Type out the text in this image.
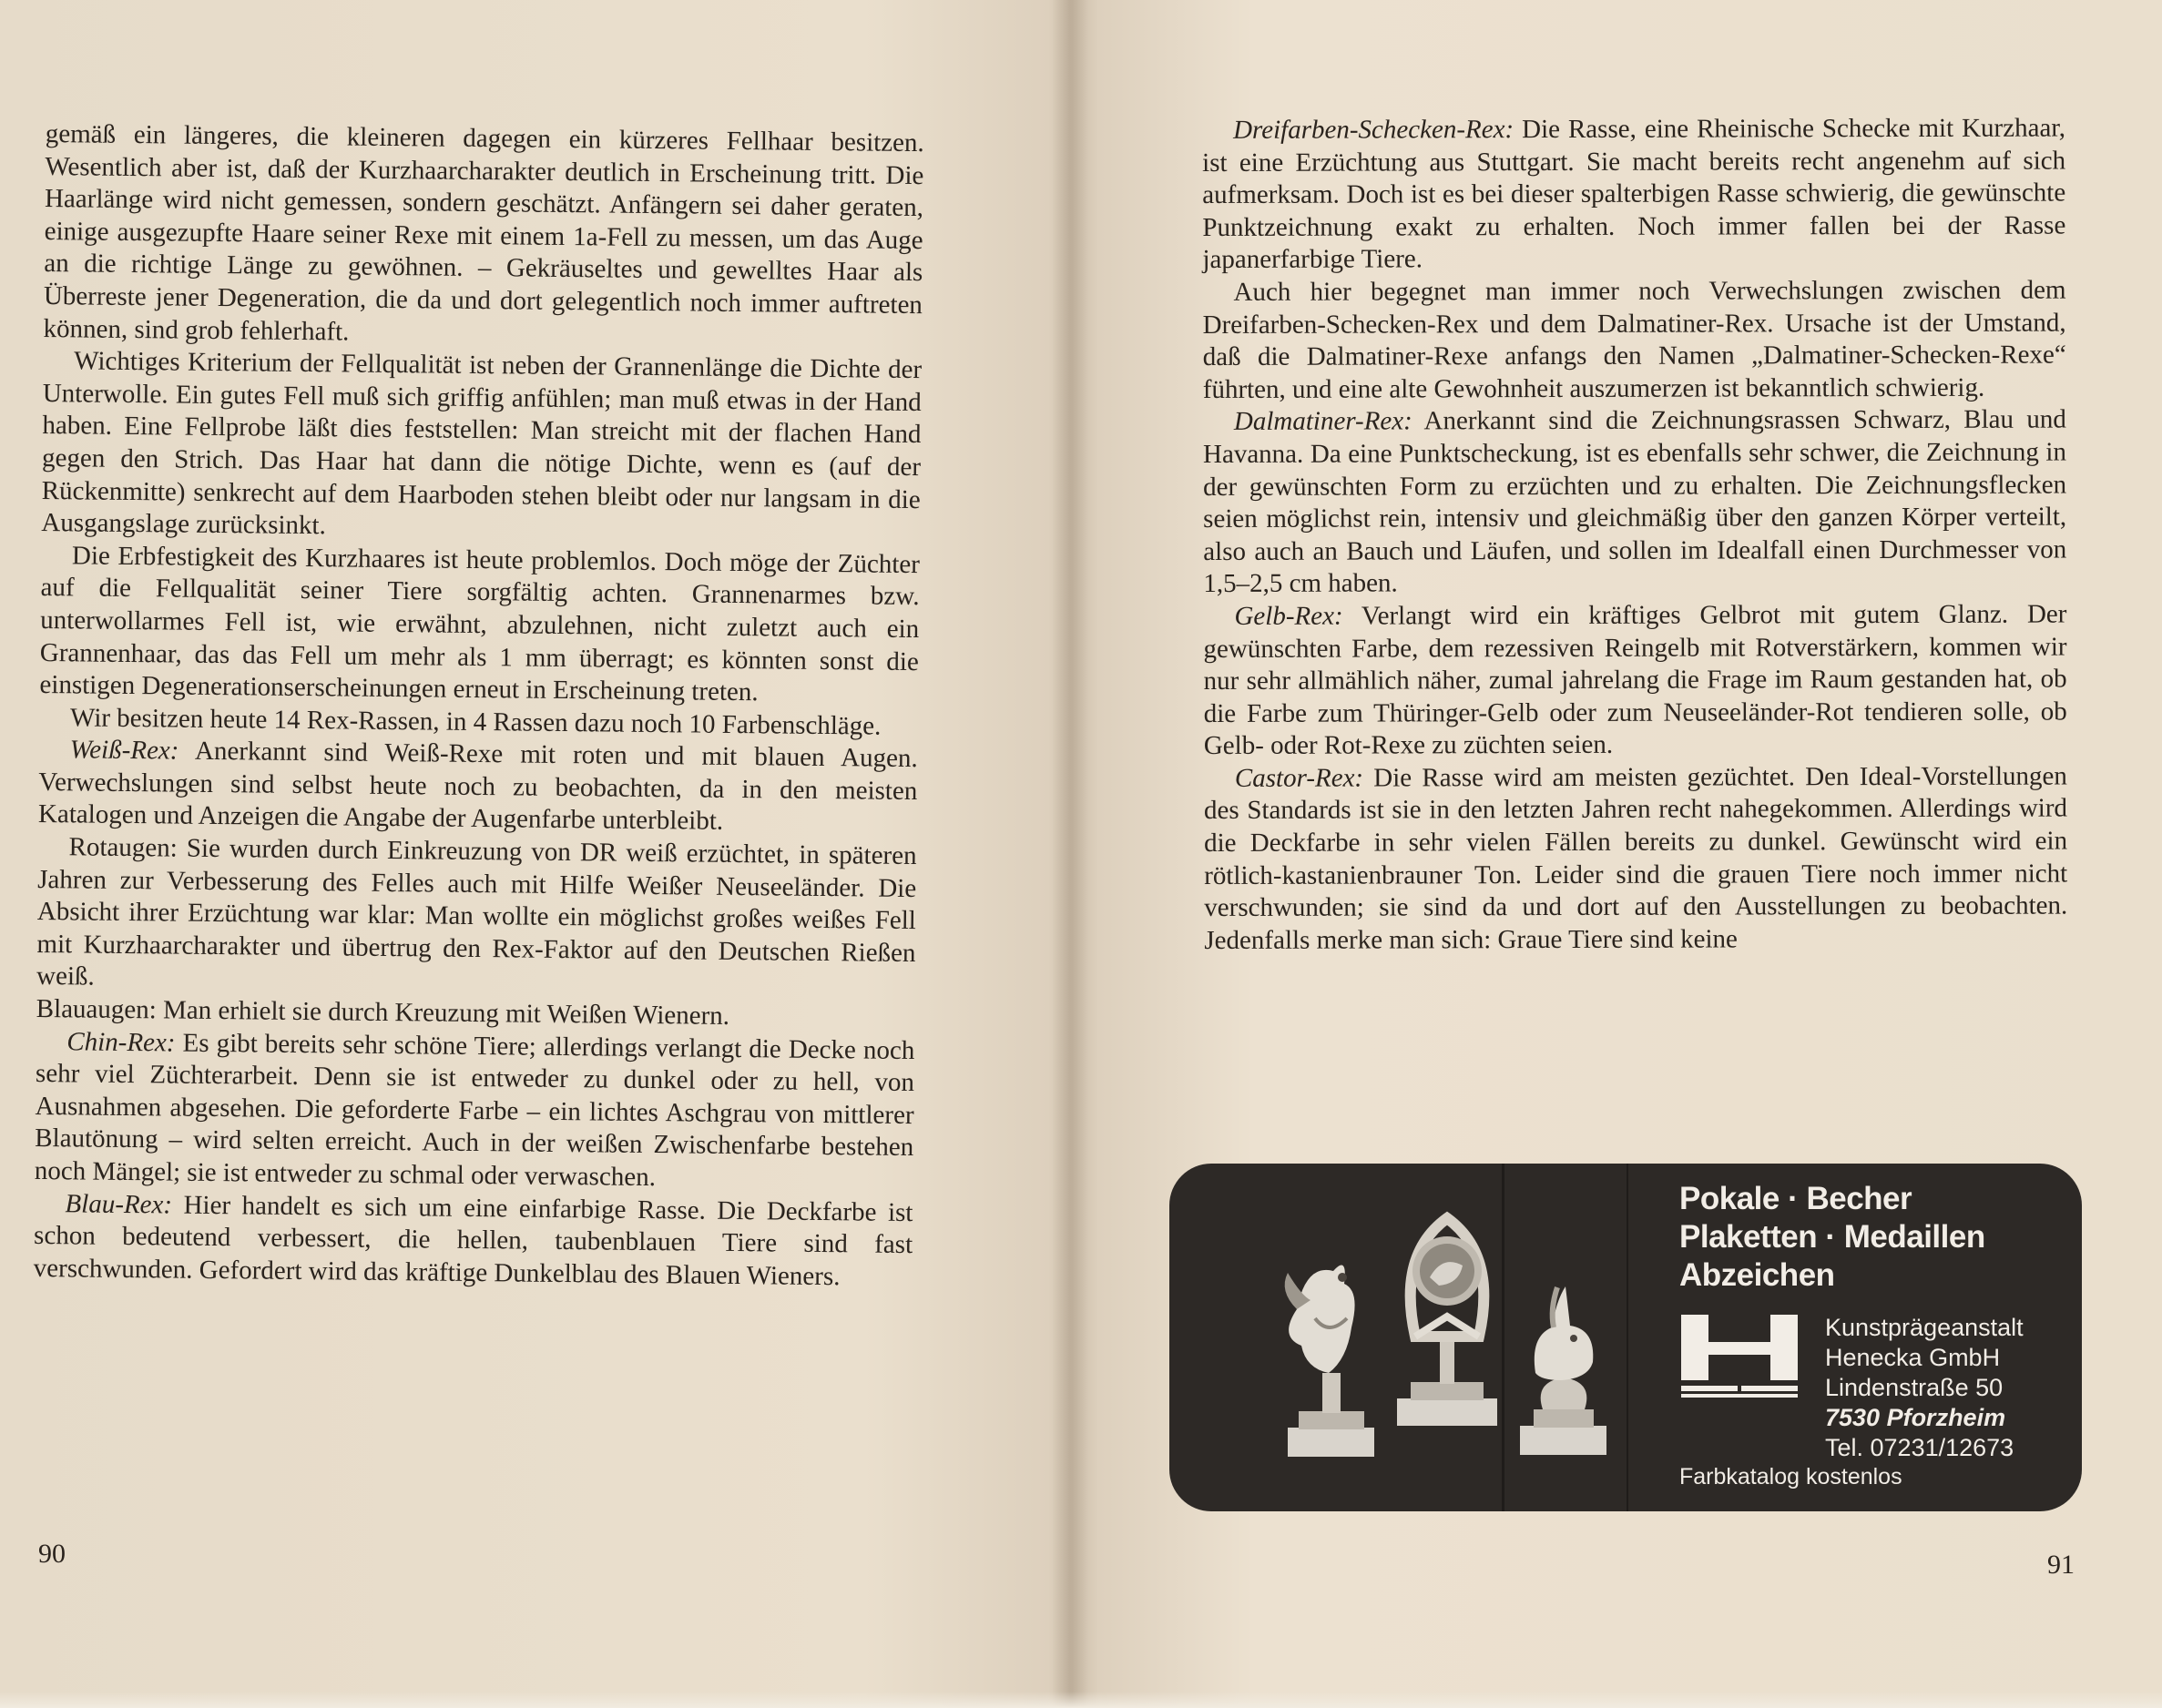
gemäß ein längeres, die kleineren dagegen ein kürzeres Fellhaar besitzen. Wesentlich aber ist, daß der Kurzhaarcharakter deutlich in Erscheinung tritt. Die Haarlänge wird nicht gemessen, sondern geschätzt. Anfängern sei daher geraten, einige ausgezupfte Haare seiner Rexe mit einem 1a-Fell zu messen, um das Auge an die richtige Länge zu gewöhnen. – Gekräuseltes und gewelltes Haar als Überreste jener Degeneration, die da und dort gelegentlich noch immer auftreten können, sind grob fehlerhaft.

Wichtiges Kriterium der Fellqualität ist neben der Grannenlänge die Dichte der Unterwolle. Ein gutes Fell muß sich griffig anfühlen; man muß etwas in der Hand haben. Eine Fellprobe läßt dies feststellen: Man streicht mit der flachen Hand gegen den Strich. Das Haar hat dann die nötige Dichte, wenn es (auf der Rückenmitte) senkrecht auf dem Haarboden stehen bleibt oder nur langsam in die Ausgangslage zurücksinkt.

Die Erbfestigkeit des Kurzhaares ist heute problemlos. Doch möge der Züchter auf die Fellqualität seiner Tiere sorgfältig achten. Grannenarmes bzw. unterwollarmes Fell ist, wie erwähnt, abzulehnen, nicht zuletzt auch ein Grannenhaar, das das Fell um mehr als 1 mm überragt; es könnten sonst die einstigen Degenerationserscheinungen erneut in Erscheinung treten.

Wir besitzen heute 14 Rex-Rassen, in 4 Rassen dazu noch 10 Farbenschläge.

Weiß-Rex: Anerkannt sind Weiß-Rexe mit roten und mit blauen Augen. Verwechslungen sind selbst heute noch zu beobachten, da in den meisten Katalogen und Anzeigen die Angabe der Augenfarbe unterbleibt.

Rotaugen: Sie wurden durch Einkreuzung von DR weiß erzüchtet, in späteren Jahren zur Verbesserung des Felles auch mit Hilfe Weißer Neuseeländer. Die Absicht ihrer Erzüchtung war klar: Man wollte ein möglichst großes weißes Fell mit Kurzhaarcharakter und übertrug den Rex-Faktor auf den Deutschen Rießen weiß.

Blauaugen: Man erhielt sie durch Kreuzung mit Weißen Wienern.

Chin-Rex: Es gibt bereits sehr schöne Tiere; allerdings verlangt die Decke noch sehr viel Züchterarbeit. Denn sie ist entweder zu dunkel oder zu hell, von Ausnahmen abgesehen. Die geforderte Farbe – ein lichtes Aschgrau von mittlerer Blautönung – wird selten erreicht. Auch in der weißen Zwischenfarbe bestehen noch Mängel; sie ist entweder zu schmal oder verwaschen.

Blau-Rex: Hier handelt es sich um eine einfarbige Rasse. Die Deckfarbe ist schon bedeutend verbessert, die hellen, taubenblauen Tiere sind fast verschwunden. Gefordert wird das kräftige Dunkelblau des Blauen Wieners.

90

Dreifarben-Schecken-Rex: Die Rasse, eine Rheinische Schecke mit Kurzhaar, ist eine Erzüchtung aus Stuttgart. Sie macht bereits recht angenehm auf sich aufmerksam. Doch ist es bei dieser spalterbigen Rasse schwierig, die gewünschte Punktzeichnung exakt zu erhalten. Noch immer fallen bei der Rasse japanerfarbige Tiere.

Auch hier begegnet man immer noch Verwechslungen zwischen dem Dreifarben-Schecken-Rex und dem Dalmatiner-Rex. Ursache ist der Umstand, daß die Dalmatiner-Rexe anfangs den Namen „Dalmatiner-Schecken-Rexe“ führten, und eine alte Gewohnheit auszumerzen ist bekanntlich schwierig.

Dalmatiner-Rex: Anerkannt sind die Zeichnungsrassen Schwarz, Blau und Havanna. Da eine Punktscheckung, ist es ebenfalls sehr schwer, die Zeichnung in der gewünschten Form zu erzüchten und zu erhalten. Die Zeichnungsflecken seien möglichst rein, intensiv und gleichmäßig über den ganzen Körper verteilt, also auch an Bauch und Läufen, und sollen im Idealfall einen Durchmesser von 1,5–2,5 cm haben.

Gelb-Rex: Verlangt wird ein kräftiges Gelbrot mit gutem Glanz. Der gewünschten Farbe, dem rezessiven Reingelb mit Rotverstärkern, kommen wir nur sehr allmählich näher, zumal jahrelang die Frage im Raum gestanden hat, ob die Farbe zum Thüringer-Gelb oder zum Neuseeländer-Rot tendieren solle, ob Gelb- oder Rot-Rexe zu züchten seien.

Castor-Rex: Die Rasse wird am meisten gezüchtet. Den Ideal-Vorstellungen des Standards ist sie in den letzten Jahren recht nahegekommen. Allerdings wird die Deckfarbe in sehr vielen Fällen bereits zu dunkel. Gewünscht wird ein rötlich-kastanienbrauner Ton. Leider sind die grauen Tiere noch immer nicht verschwunden; sie sind da und dort auf den Ausstellungen zu beobachten. Jedenfalls merke man sich: Graue Tiere sind keine

Pokale · Becher
Plaketten · Medaillen
Abzeichen
Kunstprägeanstalt
Henecka GmbH
Lindenstraße 50
7530 Pforzheim
Tel. 07231/12673
Farbkatalog kostenlos
91
